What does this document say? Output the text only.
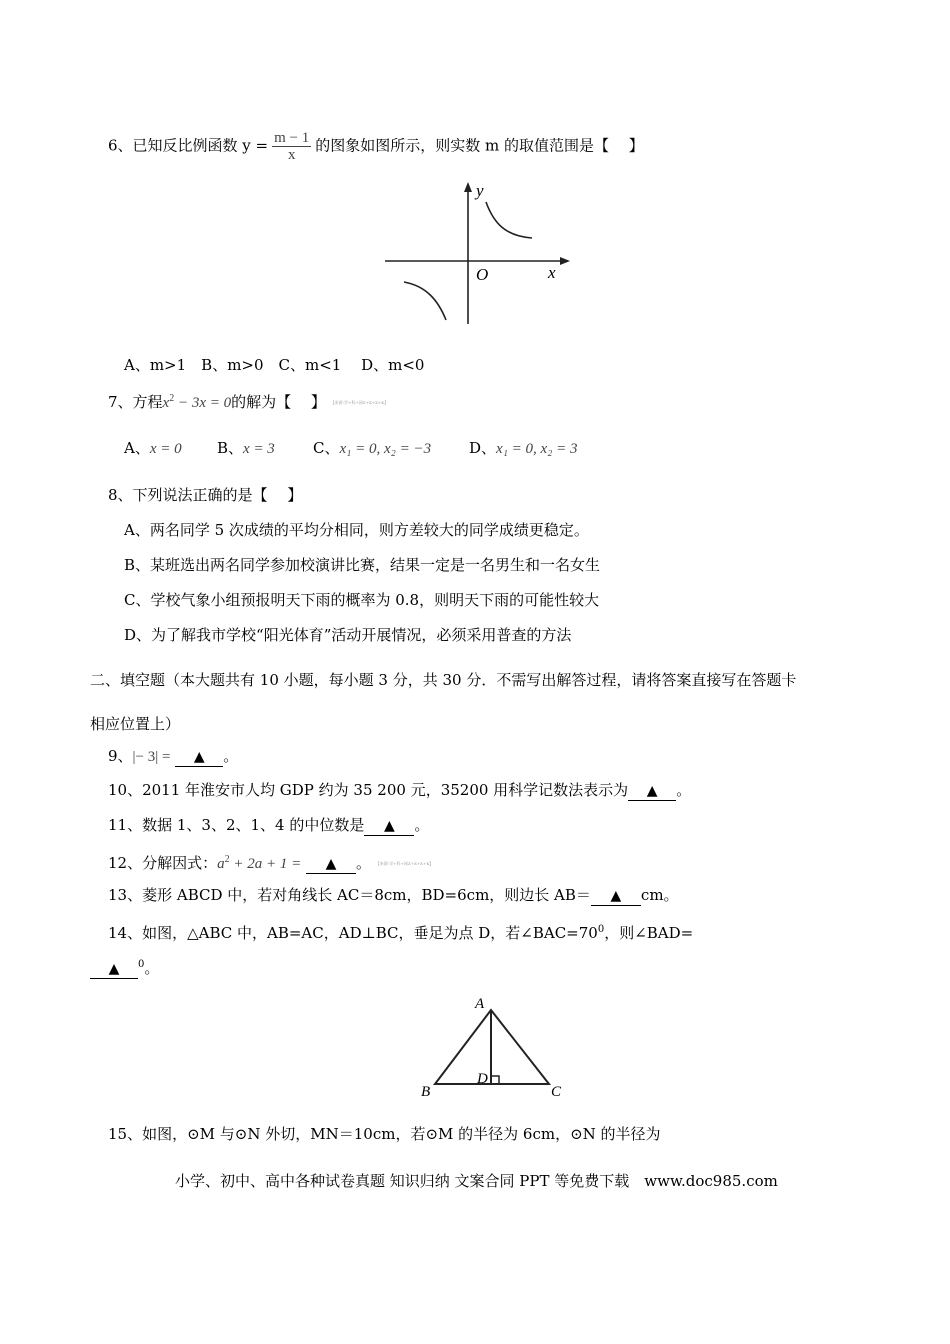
6、已知反比例函数 $y = \frac{m - 1}{x}$ 的图象如图所示，则实数 m 的取值范围是【　 】
y
O	x
A、m>1　B、m>0　C、m<1　 D、m<0
7、方程$x^2 - 3x = 0$的解为【　 】 【来源:学+科+网Z+X+X+K】
A、x = 0 B、x = 3	C、x₁ = 0, x₂ = −3	D、x₁ = 0, x₂ = 3
8、下列说法正确的是【　 】
A、两名同学 5 次成绩的平均分相同，则方差较大的同学成绩更稳定。
B、某班选出两名同学参加校演讲比赛，结果一定是一名男生和一名女生
C、学校气象小组预报明天下雨的概率为 0.8，则明天下雨的可能性较大
D、为了解我市学校“阳光体育”活动开展情况，必须采用普查的方法
二、填空题（本大题共有 10 小题，每小题 3 分，共 30 分．不需写出解答过程，请将答案直接写在答题卡
相应位置上）
9、|− 3| = ▲ 。
10、2011 年淮安市人均 GDP 约为 35 200 元，35200 用科学记数法表示为 ▲ 。
11、数据 1、3、2、1、4 的中位数是 ▲ 。
12、分解因式：$a^2 + 2a + 1$ = ▲ 。 【来源:学+科+网Z+X+X+K】
13、菱形 ABCD 中，若对角线长 AC＝8cm，BD=6cm，则边长 AB＝ ▲ cm。
14、如图，△ABC 中，AB=AC，AD⊥BC，垂足为点 D，若$\angle BAC=70^0$，则∠BAD=
▲ $^0$。
A
B	C
D
15、如图，⊙M 与⊙N 外切，MN＝10cm，若⊙M 的半径为 6cm，⊙N 的半径为
小学、初中、高中各种试卷真题 知识归纳 文案合同 PPT 等免费下载　www.doc985.com
